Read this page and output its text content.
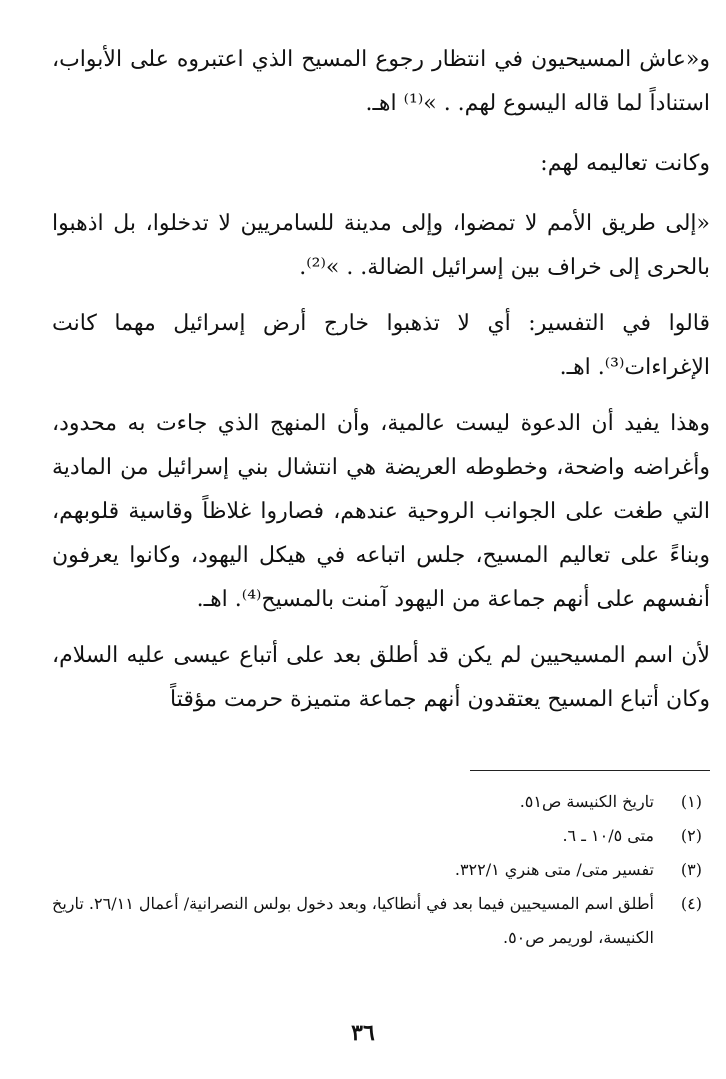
و«عاش المسيحيون في انتظار رجوع المسيح الذي اعتبروه على الأبواب، استناداً لما قاله اليسوع لهم. . »⁽¹⁾ اهـ.

وكانت تعاليمه لهم:

«إلى طريق الأمم لا تمضوا، وإلى مدينة للسامريين لا تدخلوا، بل اذهبوا بالحرى إلى خراف بين إسرائيل الضالة. . »⁽²⁾.

قالوا في التفسير: أي لا تذهبوا خارج أرض إسرائيل مهما كانت الإغراءات⁽³⁾. اهـ.

وهذا يفيد أن الدعوة ليست عالمية، وأن المنهج الذي جاءت به محدود، وأغراضه واضحة، وخطوطه العريضة هي انتشال بني إسرائيل من المادية التي طغت على الجوانب الروحية عندهم، فصاروا غلاظاً وقاسية قلوبهم، وبناءً على تعاليم المسيح، جلس اتباعه في هيكل اليهود، وكانوا يعرفون أنفسهم على أنهم جماعة من اليهود آمنت بالمسيح⁽⁴⁾. اهـ.

لأن اسم المسيحيين لم يكن قد أطلق بعد على أتباع عيسى عليه السلام، وكان أتباع المسيح يعتقدون أنهم جماعة متميزة حرمت مؤقتاً

(١)
تاريخ الكنيسة ص٥١.
(٢)
متى ١٠/٥ ـ ٦.
(٣)
تفسير متى/ متى هنري ٣٢٢/١.
(٤)
أطلق اسم المسيحيين فيما بعد في أنطاكيا، وبعد دخول بولس النصرانية/ أعمال ٢٦/١١. تاريخ الكنيسة، لوريمر ص٥٠.
٣٦
